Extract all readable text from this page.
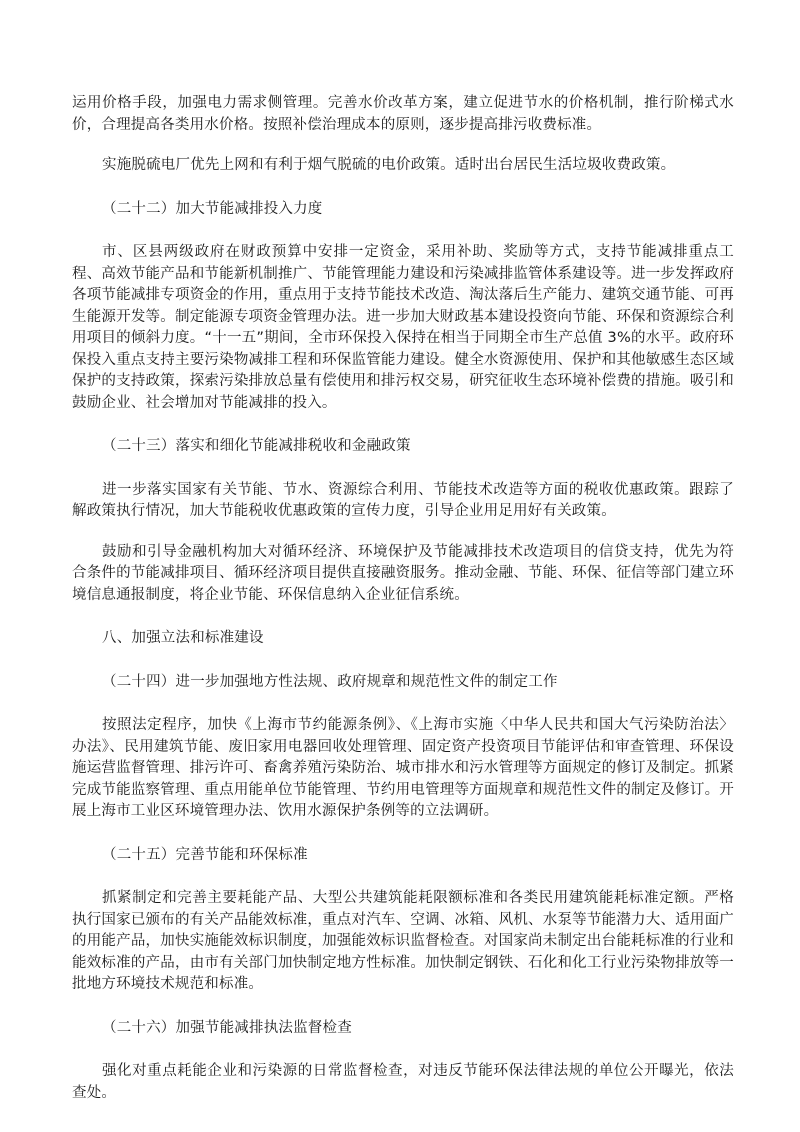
运用价格手段，加强电力需求侧管理。完善水价改革方案，建立促进节水的价格机制，推行阶梯式水价，合理提高各类用水价格。按照补偿治理成本的原则，逐步提高排污收费标准。

实施脱硫电厂优先上网和有利于烟气脱硫的电价政策。适时出台居民生活垃圾收费政策。

（二十二）加大节能减排投入力度

市、区县两级政府在财政预算中安排一定资金，采用补助、奖励等方式，支持节能减排重点工程、高效节能产品和节能新机制推广、节能管理能力建设和污染减排监管体系建设等。进一步发挥政府各项节能减排专项资金的作用，重点用于支持节能技术改造、淘汰落后生产能力、建筑交通节能、可再生能源开发等。制定能源专项资金管理办法。进一步加大财政基本建设投资向节能、环保和资源综合利用项目的倾斜力度。“十一五”期间，全市环保投入保持在相当于同期全市生产总值 3%的水平。政府环保投入重点支持主要污染物减排工程和环保监管能力建设。健全水资源使用、保护和其他敏感生态区域保护的支持政策，探索污染排放总量有偿使用和排污权交易，研究征收生态环境补偿费的措施。吸引和鼓励企业、社会增加对节能减排的投入。

（二十三）落实和细化节能减排税收和金融政策

进一步落实国家有关节能、节水、资源综合利用、节能技术改造等方面的税收优惠政策。跟踪了解政策执行情况，加大节能税收优惠政策的宣传力度，引导企业用足用好有关政策。

鼓励和引导金融机构加大对循环经济、环境保护及节能减排技术改造项目的信贷支持，优先为符合条件的节能减排项目、循环经济项目提供直接融资服务。推动金融、节能、环保、征信等部门建立环境信息通报制度，将企业节能、环保信息纳入企业征信系统。

八、加强立法和标准建设

（二十四）进一步加强地方性法规、政府规章和规范性文件的制定工作

按照法定程序，加快《上海市节约能源条例》、《上海市实施〈中华人民共和国大气污染防治法〉办法》、民用建筑节能、废旧家用电器回收处理管理、固定资产投资项目节能评估和审查管理、环保设施运营监督管理、排污许可、畜禽养殖污染防治、城市排水和污水管理等方面规定的修订及制定。抓紧完成节能监察管理、重点用能单位节能管理、节约用电管理等方面规章和规范性文件的制定及修订。开展上海市工业区环境管理办法、饮用水源保护条例等的立法调研。

（二十五）完善节能和环保标准

抓紧制定和完善主要耗能产品、大型公共建筑能耗限额标准和各类民用建筑能耗标准定额。严格执行国家已颁布的有关产品能效标准，重点对汽车、空调、冰箱、风机、水泵等节能潜力大、适用面广的用能产品，加快实施能效标识制度，加强能效标识监督检查。对国家尚未制定出台能耗标准的行业和能效标准的产品，由市有关部门加快制定地方性标准。加快制定钢铁、石化和化工行业污染物排放等一批地方环境技术规范和标准。

（二十六）加强节能减排执法监督检查

强化对重点耗能企业和污染源的日常监督检查，对违反节能环保法律法规的单位公开曝光，依法查处。
